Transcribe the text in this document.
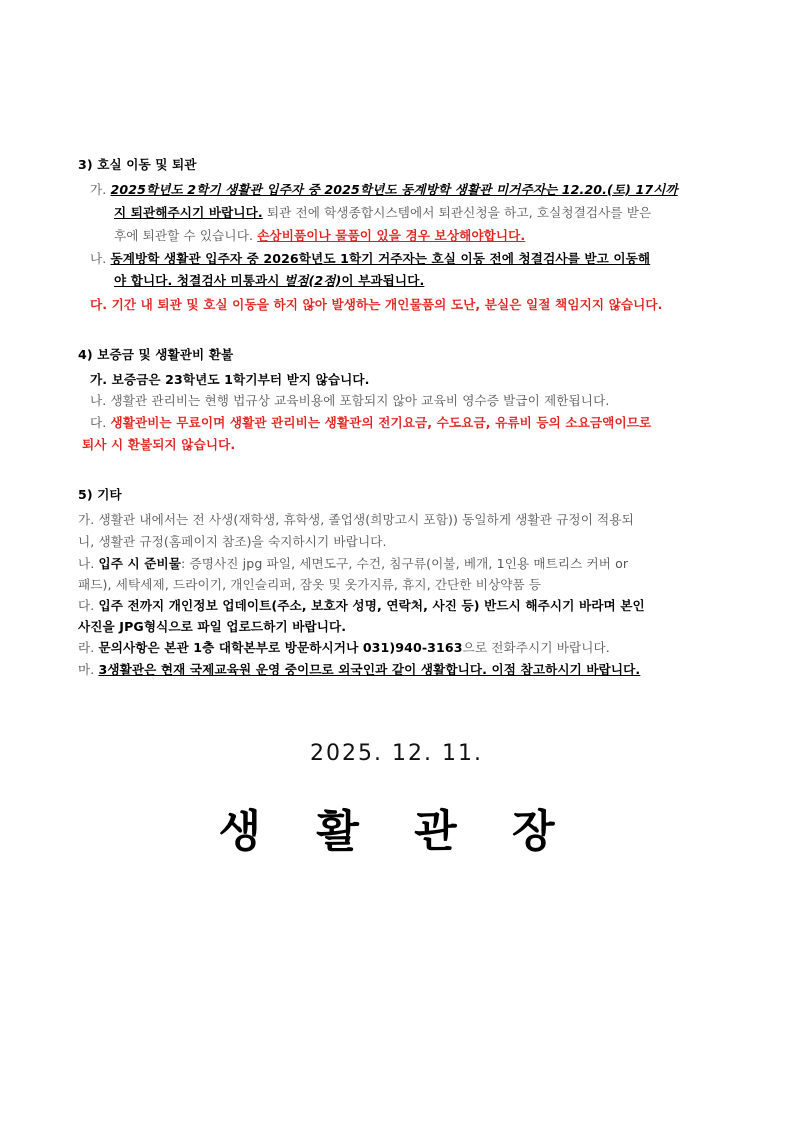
3) 호실 이동 및 퇴관
가. 2025학년도 2학기 생활관 입주자 중 2025학년도 동계방학 생활관 미거주자는 12.20.(토) 17시까
지 퇴관해주시기 바랍니다. 퇴관 전에 학생종합시스템에서 퇴관신청을 하고, 호실청결검사를 받은
후에 퇴관할 수 있습니다. 손상비품이나 물품이 있을 경우 보상해야합니다.
나. 동계방학 생활관 입주자 중 2026학년도 1학기 거주자는 호실 이동 전에 청결검사를 받고 이동해
야 합니다. 청결검사 미통과시 벌점(2점)이 부과됩니다.
다. 기간 내 퇴관 및 호실 이동을 하지 않아 발생하는 개인물품의 도난, 분실은 일절 책임지지 않습니다.
4) 보증금 및 생활관비 환불
가. 보증금은 23학년도 1학기부터 받지 않습니다.
나. 생활관 관리비는 현행 법규상 교육비용에 포함되지 않아 교육비 영수증 발급이 제한됩니다.
다. 생활관비는 무료이며 생활관 관리비는 생활관의 전기요금, 수도요금, 유류비 등의 소요금액이므로
퇴사 시 환불되지 않습니다.
5) 기타
가. 생활관 내에서는 전 사생(재학생, 휴학생, 졸업생(희망고시 포함)) 동일하게 생활관 규정이 적용되
니, 생활관 규정(홈페이지 참조)을 숙지하시기 바랍니다.
나. 입주 시 준비물: 증명사진 jpg 파일, 세면도구, 수건, 침구류(이불, 베개, 1인용 매트리스 커버 or
패드), 세탁세제, 드라이기, 개인슬리퍼, 잠옷 및 옷가지류, 휴지, 간단한 비상약품 등
다. 입주 전까지 개인정보 업데이트(주소, 보호자 성명, 연락처, 사진 등) 반드시 해주시기 바라며 본인
사진을 JPG형식으로 파일 업로드하기 바랍니다.
라. 문의사항은 본관 1층 대학본부로 방문하시거나 031)940-3163으로 전화주시기 바랍니다.
마. 3생활관은 현재 국제교육원 운영 중이므로 외국인과 같이 생활합니다. 이점 참고하시기 바랍니다.
2025. 12. 11.
생 활 관 장
